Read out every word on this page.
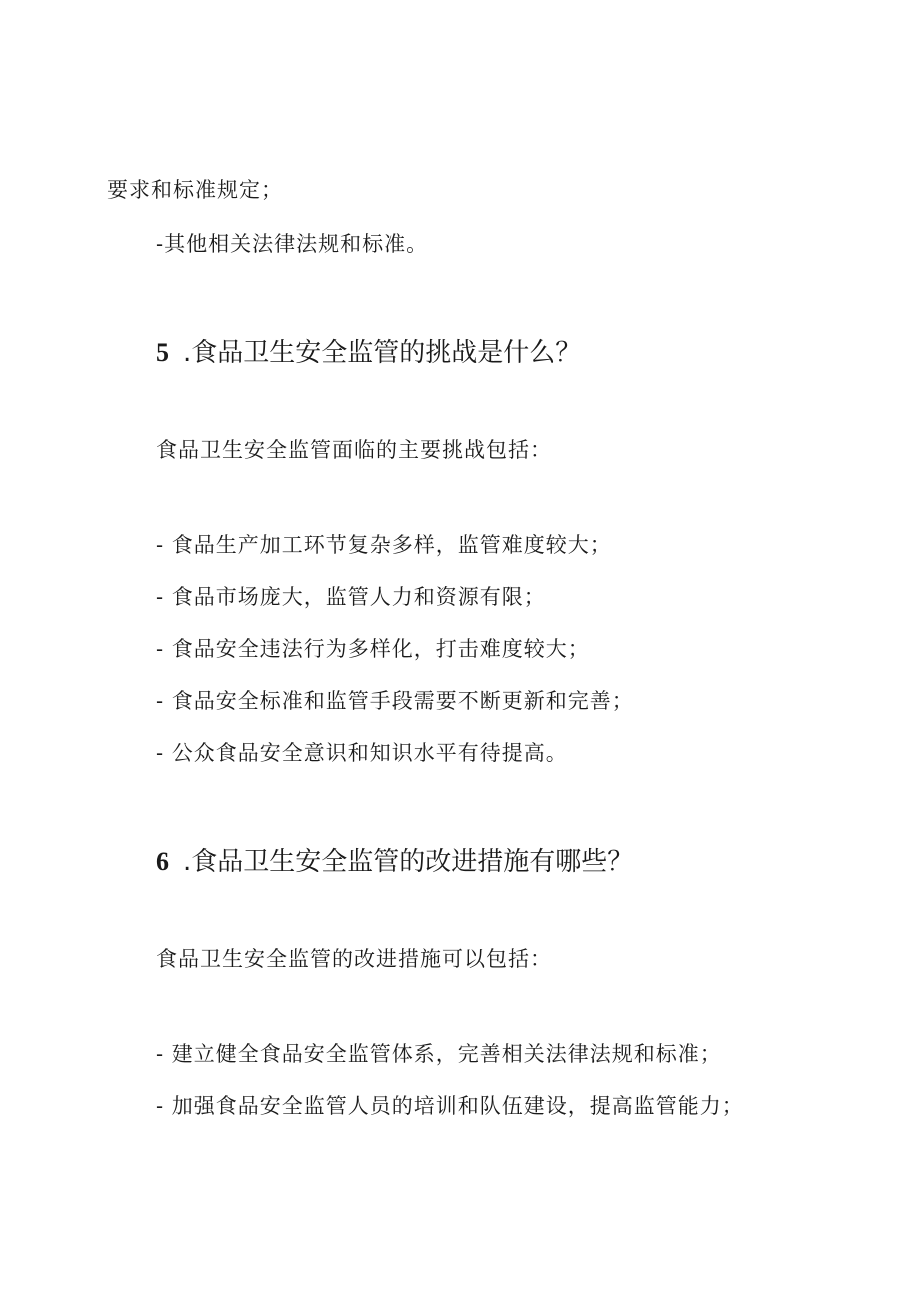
要求和标准规定；
-其他相关法律法规和标准。
5 .食品卫生安全监管的挑战是什么？
食品卫生安全监管面临的主要挑战包括：
- 食品生产加工环节复杂多样，监管难度较大；
- 食品市场庞大，监管人力和资源有限；
- 食品安全违法行为多样化，打击难度较大；
- 食品安全标准和监管手段需要不断更新和完善；
- 公众食品安全意识和知识水平有待提高。
6 .食品卫生安全监管的改进措施有哪些？
食品卫生安全监管的改进措施可以包括：
- 建立健全食品安全监管体系，完善相关法律法规和标准；
- 加强食品安全监管人员的培训和队伍建设，提高监管能力；
